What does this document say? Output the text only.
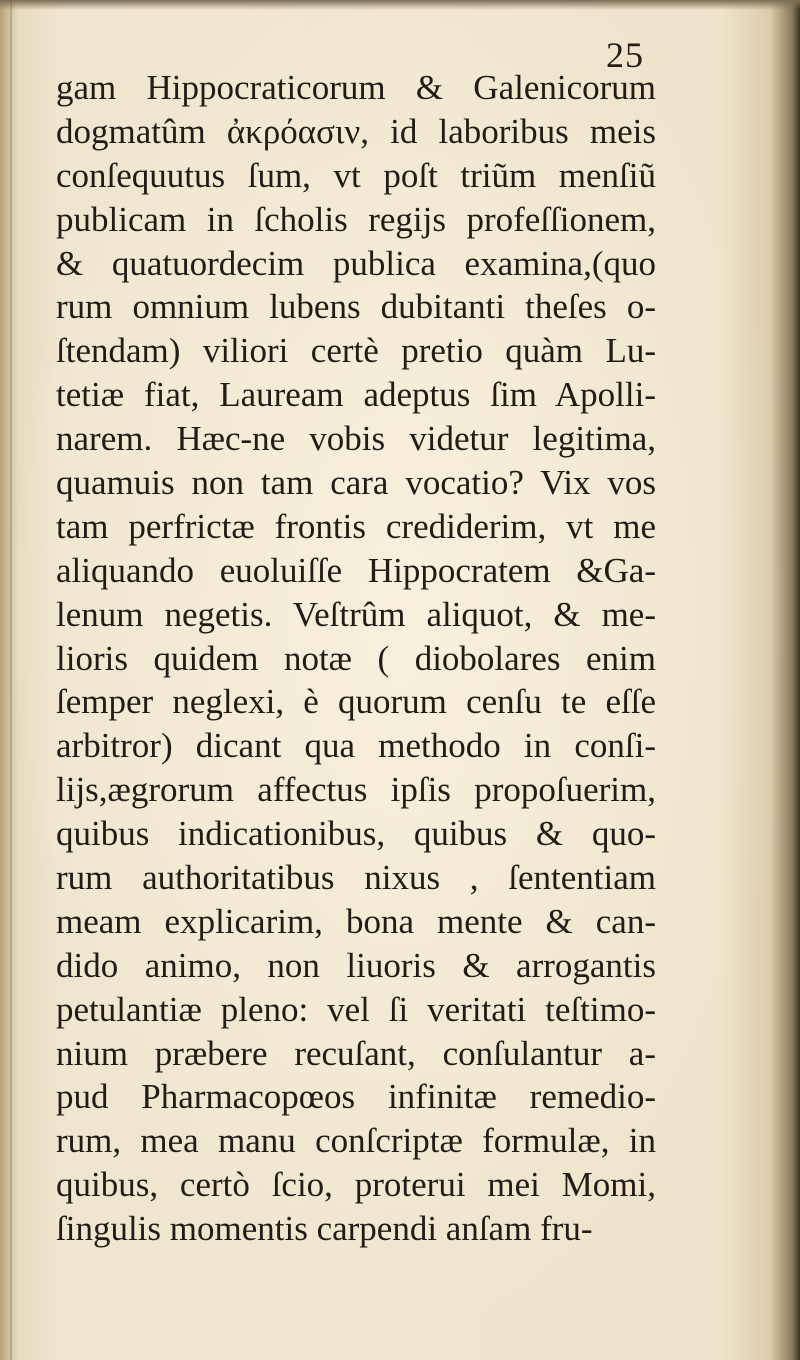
25
gam Hippocraticorum & Galenicorum
dogmatûm ἀκρόασιν, id laboribus meis
conſequutus ſum, vt poſt triũm menſiũ
publicam in ſcholis regijs profeſſionem,
& quatuordecim publica examina,(quo
rum omnium lubens dubitanti theſes o-
ſtendam) viliori certè pretio quàm Lu-
tetiæ fiat, Lauream adeptus ſim Apolli-
narem. Hæc-ne vobis videtur legitima,
quamuis non tam cara vocatio? Vix vos
tam perfrictæ frontis crediderim, vt me
aliquando euoluiſſe Hippocratem &Ga-
lenum negetis. Veſtrûm aliquot, & me-
lioris quidem notæ ( diobolares enim
ſemper neglexi, è quorum cenſu te eſſe
arbitror) dicant qua methodo in conſi-
lijs,ægrorum affectus ipſis propoſuerim,
quibus indicationibus, quibus & quo-
rum authoritatibus nixus , ſententiam
meam explicarim, bona mente & can-
dido animo, non liuoris & arrogantis
petulantiæ pleno: vel ſi veritati teſtimo-
nium præbere recuſant, conſulantur a-
pud Pharmacopœos infinitæ remedio-
rum, mea manu conſcriptæ formulæ, in
quibus, certò ſcio, proterui mei Momi,
ſingulis momentis carpendi anſam fru-
